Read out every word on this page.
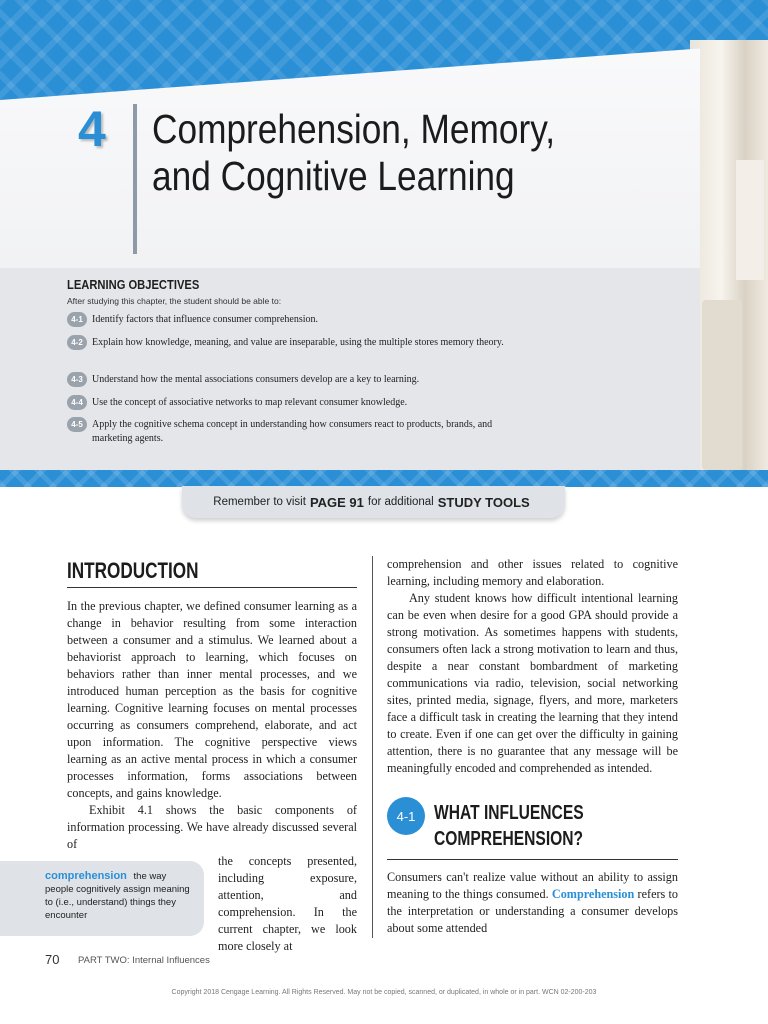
4 Comprehension, Memory,
and Cognitive Learning
LEARNING OBJECTIVES
After studying this chapter, the student should be able to:
4-1 Identify factors that influence consumer comprehension.
4-2 Explain how knowledge, meaning, and value are inseparable, using the multiple stores memory theory.
4-3 Understand how the mental associations consumers develop are a key to learning.
4-4 Use the concept of associative networks to map relevant consumer knowledge.
4-5 Apply the cognitive schema concept in understanding how consumers react to products, brands, and marketing agents.
Remember to visit PAGE 91 for additional STUDY TOOLS
INTRODUCTION

In the previous chapter, we defined consumer learning as a change in behavior resulting from some interaction between a consumer and a stimulus. We learned about a behaviorist approach to learning, which focuses on behaviors rather than inner mental processes, and we introduced human perception as the basis for cognitive learning. Cognitive learning focuses on mental processes occurring as consumers comprehend, elaborate, and act upon information. The cognitive perspective views learning as an active mental process in which a consumer processes information, forms associations between concepts, and gains knowledge.

Exhibit 4.1 shows the basic components of information processing. We have already discussed several of

the concepts presented, including exposure, attention, and comprehension. In the current chapter, we look more closely at

comprehension the way people cognitively assign meaning to (i.e., understand) things they encounter

comprehension and other issues related to cognitive learning, including memory and elaboration.

Any student knows how difficult intentional learning can be even when desire for a good GPA should provide a strong motivation. As sometimes happens with students, consumers often lack a strong motivation to learn and thus, despite a near constant bombardment of marketing communications via radio, television, social networking sites, printed media, signage, flyers, and more, marketers face a difficult task in creating the learning that they intend to create. Even if one can get over the difficulty in gaining attention, there is no guarantee that any message will be meaningfully encoded and comprehended as intended.

4-1 WHAT INFLUENCES COMPREHENSION?

Consumers can't realize value without an ability to assign meaning to the things consumed. Comprehension refers to the interpretation or understanding a consumer develops about some attended

70 PART TWO: Internal Influences
Copyright 2018 Cengage Learning. All Rights Reserved. May not be copied, scanned, or duplicated, in whole or in part. WCN 02-200-203
